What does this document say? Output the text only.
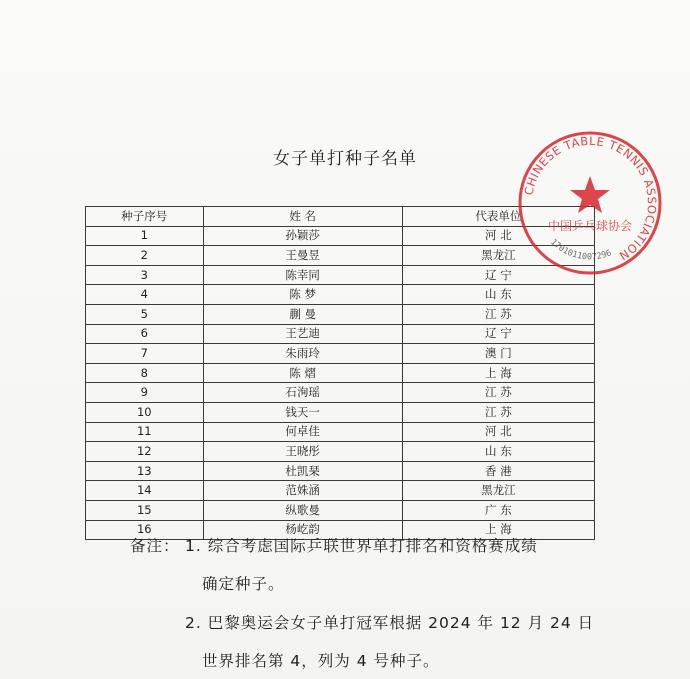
女子单打种子名单
种子序号	姓 名	代表单位
1	孙颖莎	河 北
2	王曼昱	黑龙江
3	陈幸同	辽 宁
4	陈 梦	山 东
5	蒯 曼	江 苏
6	王艺迪	辽 宁
7	朱雨玲	澳 门
8	陈 熠	上 海
9	石洵瑶	江 苏
10	钱天一	江 苏
11	何卓佳	河 北
12	王晓彤	山 东
13	杜凯琹	香 港
14	范姝涵	黑龙江
15	纵歌曼	广 东
16	杨屹韵	上 海
备注： 1. 综合考虑国际乒联世界单打排名和资格赛成绩
确定种子。
2. 巴黎奥运会女子单打冠军根据 2024 年 12 月 24 日
世界排名第 4，列为 4 号种子。
CHINESE TABLE TENNIS ASSOCIATION
中国乒乓球协会
1701011007296
